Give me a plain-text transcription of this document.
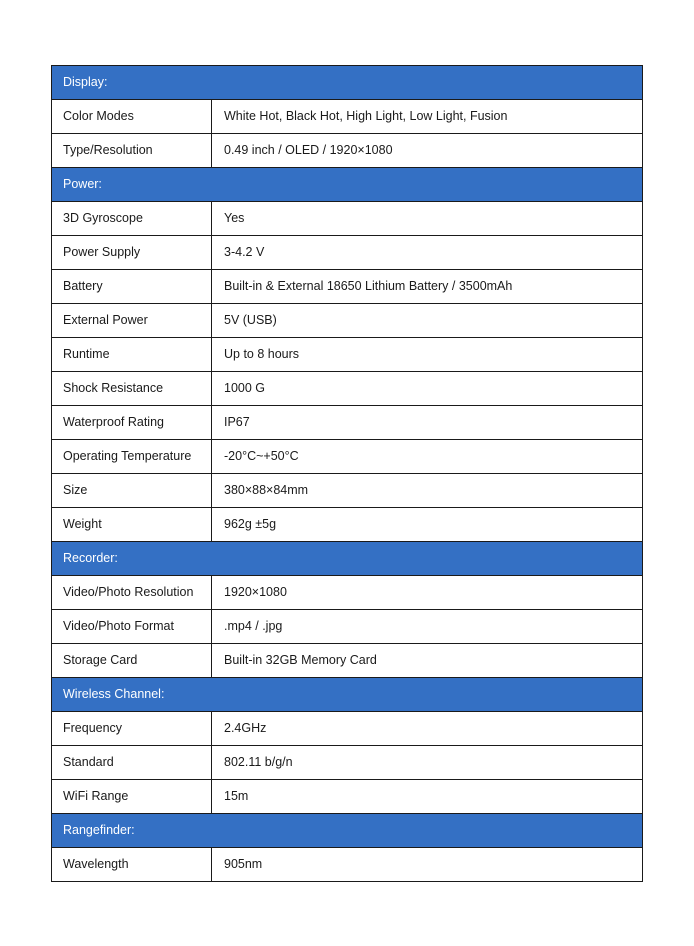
Display:	
Color Modes	White Hot, Black Hot, High Light, Low Light, Fusion
Type/Resolution	0.49 inch / OLED / 1920×1080
Power:	
3D Gyroscope	Yes
Power Supply	3-4.2 V
Battery	Built-in & External 18650 Lithium Battery / 3500mAh
External Power	5V (USB)
Runtime	Up to 8 hours
Shock Resistance	1000 G
Waterproof Rating	IP67
Operating Temperature	-20°C~+50°C
Size	380×88×84mm
Weight	962g ±5g
Recorder:	
Video/Photo Resolution	1920×1080
Video/Photo Format	.mp4 / .jpg
Storage Card	Built-in 32GB Memory Card
Wireless Channel:	
Frequency	2.4GHz
Standard	802.11 b/g/n
WiFi Range	15m
Rangefinder:	
Wavelength	905nm
